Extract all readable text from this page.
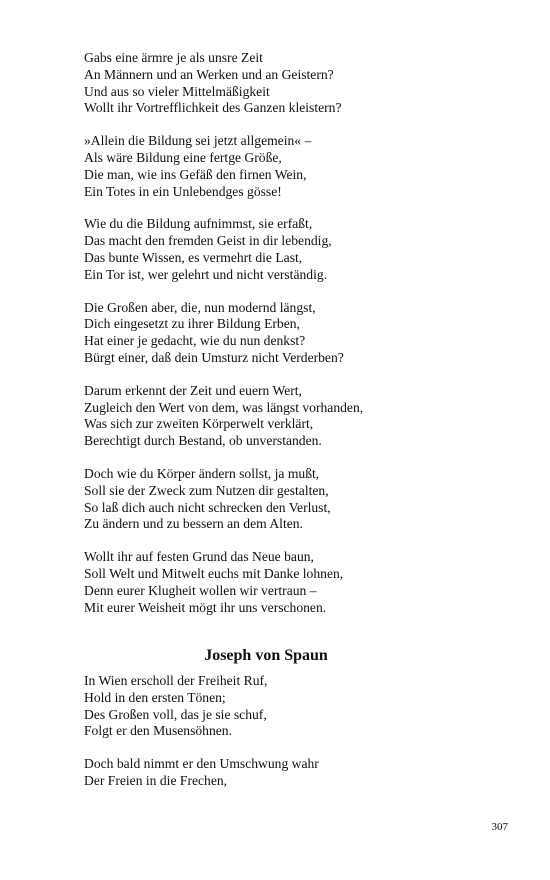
Gabs eine ärmre je als unsre Zeit
An Männern und an Werken und an Geistern?
Und aus so vieler Mittelmäßigkeit
Wollt ihr Vortrefflichkeit des Ganzen kleistern?
»Allein die Bildung sei jetzt allgemein« –
Als wäre Bildung eine fertge Größe,
Die man, wie ins Gefäß den firnen Wein,
Ein Totes in ein Unlebendges gösse!
Wie du die Bildung aufnimmst, sie erfaßt,
Das macht den fremden Geist in dir lebendig,
Das bunte Wissen, es vermehrt die Last,
Ein Tor ist, wer gelehrt und nicht verständig.
Die Großen aber, die, nun modernd längst,
Dich eingesetzt zu ihrer Bildung Erben,
Hat einer je gedacht, wie du nun denkst?
Bürgt einer, daß dein Umsturz nicht Verderben?
Darum erkennt der Zeit und euern Wert,
Zugleich den Wert von dem, was längst vorhanden,
Was sich zur zweiten Körperwelt verklärt,
Berechtigt durch Bestand, ob unverstanden.
Doch wie du Körper ändern sollst, ja mußt,
Soll sie der Zweck zum Nutzen dir gestalten,
So laß dich auch nicht schrecken den Verlust,
Zu ändern und zu bessern an dem Alten.
Wollt ihr auf festen Grund das Neue baun,
Soll Welt und Mitwelt euchs mit Danke lohnen,
Denn eurer Klugheit wollen wir vertraun –
Mit eurer Weisheit mögt ihr uns verschonen.
Joseph von Spaun
In Wien erscholl der Freiheit Ruf,
Hold in den ersten Tönen;
Des Großen voll, das je sie schuf,
Folgt er den Musensöhnen.
Doch bald nimmt er den Umschwung wahr
Der Freien in die Frechen,
307
